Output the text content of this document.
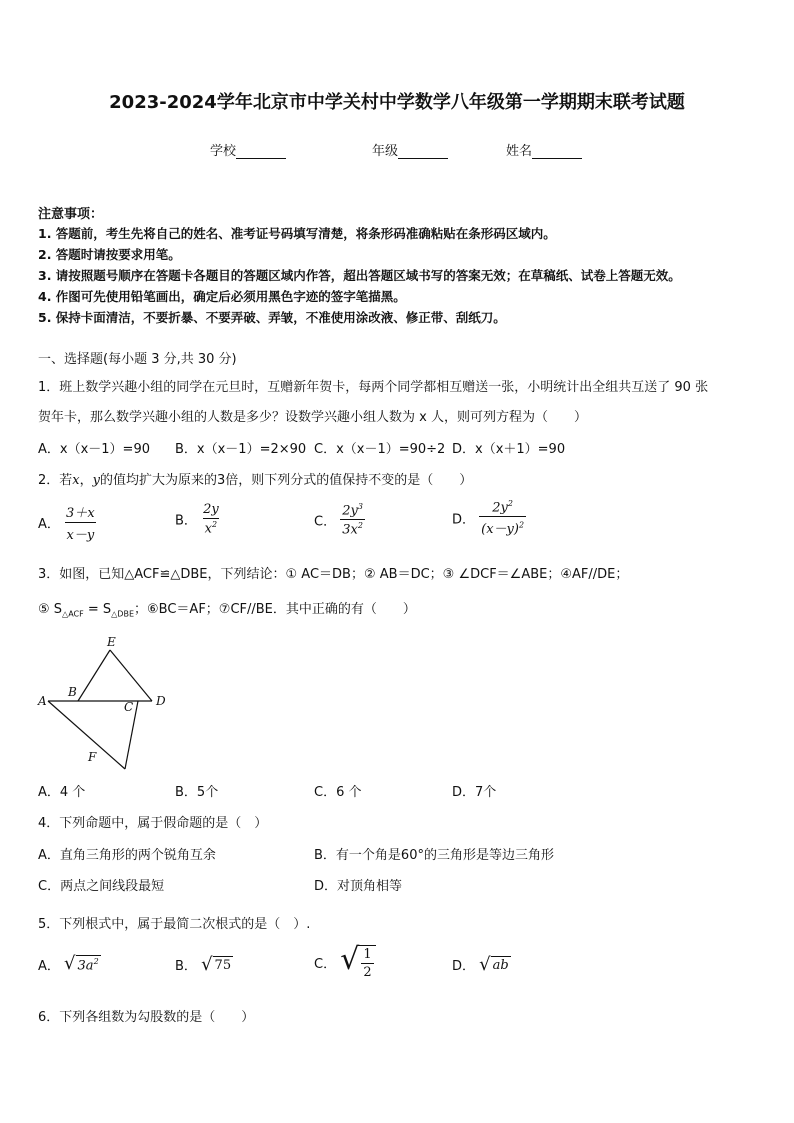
2023-2024学年北京市中学关村中学数学八年级第一学期期末联考试题
学校	年级	姓名
注意事项：
1. 答题前，考生先将自己的姓名、准考证号码填写清楚，将条形码准确粘贴在条形码区域内。
2. 答题时请按要求用笔。
3. 请按照题号顺序在答题卡各题目的答题区域内作答，超出答题区域书写的答案无效；在草稿纸、试卷上答题无效。
4. 作图可先使用铅笔画出，确定后必须用黑色字迹的签字笔描黑。
5. 保持卡面清洁，不要折暴、不要弄破、弄皱，不准使用涂改液、修正带、刮纸刀。
一、选择题(每小题 3 分,共 30 分)
1．班上数学兴趣小组的同学在元旦时，互赠新年贺卡，每两个同学都相互赠送一张，小明统计出全组共互送了 90 张
贺年卡，那么数学兴趣小组的人数是多少？设数学兴趣小组人数为 x 人，则可列方程为（　　）
A．x（x－1）=90 B．x（x－1）=2×90 C．x（x－1）=90÷2 D．x（x＋1）=90
2．若x，y的值均扩大为原来的3倍，则下列分式的值保持不变的是（　　）
A． $\frac{3+x}{x-y}$	B． $\frac{2y}{x^2}$	C． $\frac{2y^3}{3x^2}$	D． $\frac{2y^2}{(x-y)^2}$
3．如图，已知△ACF≌△DBE，下列结论：① AC＝DB；② AB＝DC；③ ∠DCF＝∠ABE；④AF//DE；
⑤ $S_{\triangle ACF} = S_{\triangle DBE}$；⑥BC＝AF；⑦CF//BE．其中正确的有（　　）
E
B
A	C D
F
A．4 个	B．5个	C．6 个	D．7个
4．下列命题中，属于假命题的是（　）
A．直角三角形的两个锐角互余	B．有一个角是60°的三角形是等边三角形
C．两点之间线段最短	D．对顶角相等
5．下列根式中，属于最简二次根式的是（　）.
A． √ $3a^2$	B． √ 75	C． √ $\frac{1}{2}$	D． √ ab
6．下列各组数为勾股数的是（　　）
